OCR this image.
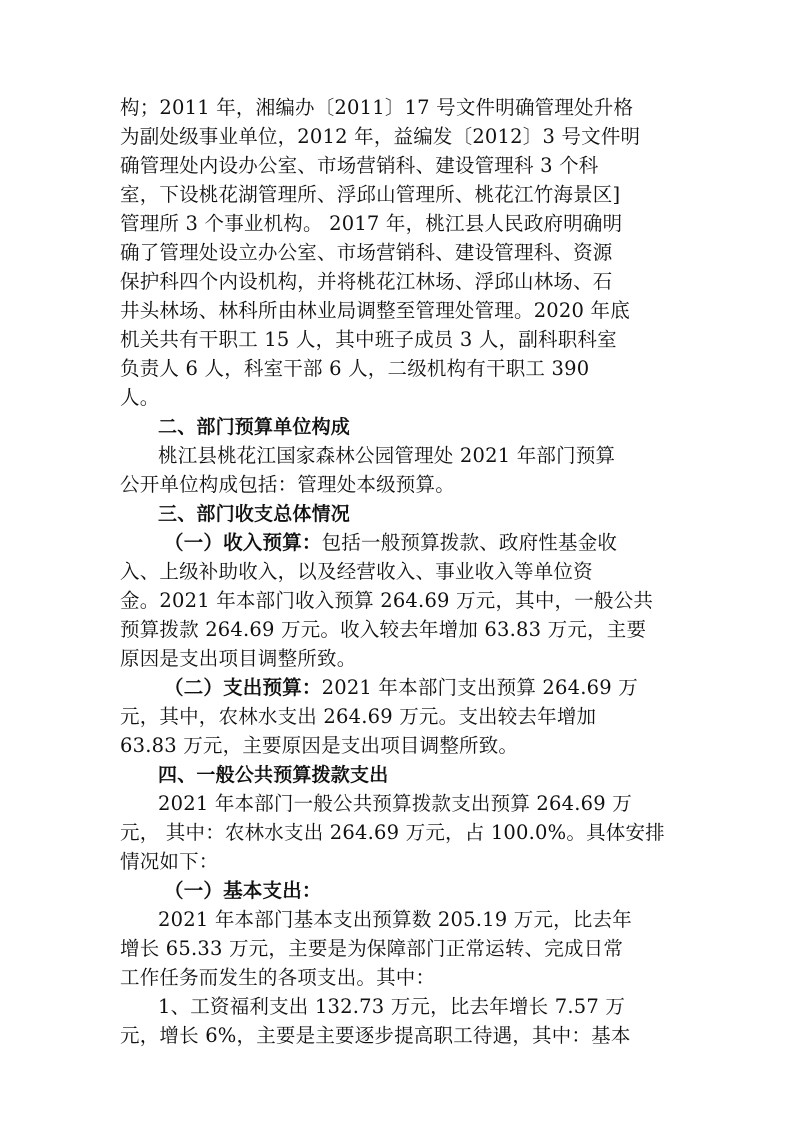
构；2011 年，湘编办〔2011〕17 号文件明确管理处升格
为副处级事业单位，2012 年，益编发〔2012〕3 号文件明
确管理处内设办公室、市场营销科、建设管理科 3 个科
室，下设桃花湖管理所、浮邱山管理所、桃花江竹海景区]
管理所 3 个事业机构。 2017 年，桃江县人民政府明确明
确了管理处设立办公室、市场营销科、建设管理科、资源
保护科四个内设机构，并将桃花江林场、浮邱山林场、石
井头林场、林科所由林业局调整至管理处管理。2020 年底
机关共有干职工 15 人，其中班子成员 3 人，副科职科室
负责人 6 人，科室干部 6 人，二级机构有干职工 390
人。
二、部门预算单位构成
桃江县桃花江国家森林公园管理处 2021 年部门预算
公开单位构成包括：管理处本级预算。
三、部门收支总体情况
（一）收入预算：包括一般预算拨款、政府性基金收
入、上级补助收入，以及经营收入、事业收入等单位资
金。2021 年本部门收入预算 264.69 万元，其中，一般公共
预算拨款 264.69 万元。收入较去年增加 63.83 万元，主要
原因是支出项目调整所致。
（二）支出预算：2021 年本部门支出预算 264.69 万
元，其中，农林水支出 264.69 万元。支出较去年增加
63.83 万元，主要原因是支出项目调整所致。
四、一般公共预算拨款支出
2021 年本部门一般公共预算拨款支出预算 264.69 万
元， 其中：农林水支出 264.69 万元，占 100.0%。具体安排
情况如下：
（一）基本支出：
2021 年本部门基本支出预算数 205.19 万元，比去年
增长 65.33 万元，主要是为保障部门正常运转、完成日常
工作任务而发生的各项支出。其中：
1、工资福利支出 132.73 万元，比去年增长 7.57 万
元，增长 6%，主要是主要逐步提高职工待遇，其中：基本
